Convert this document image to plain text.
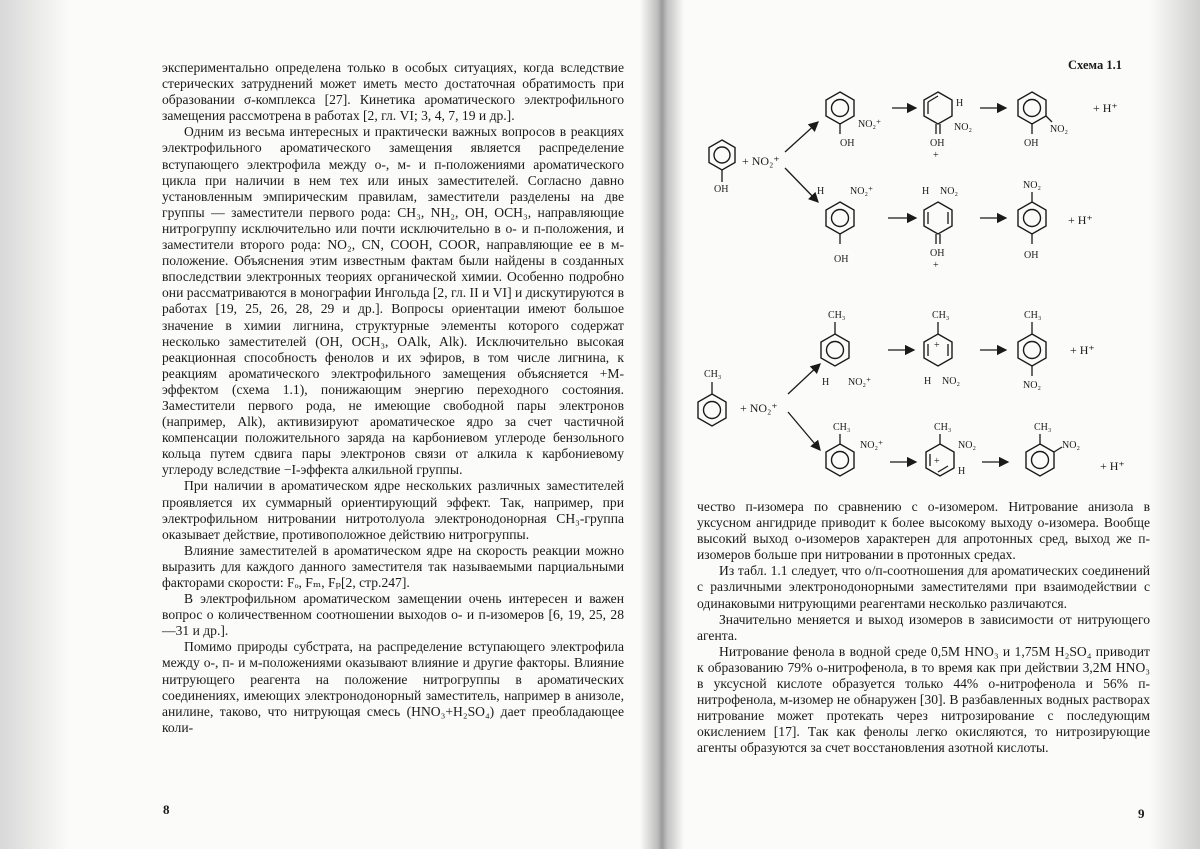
экспериментально определена только в особых ситуациях, когда вследствие стерических затруднений может иметь место достаточная обратимость при образовании σ-комплекса [27]. Кинетика ароматического электрофильного замещения рассмотрена в работах [2, гл. VI; 3, 4, 7, 19 и др.].

Одним из весьма интересных и практически важных вопросов в реакциях электрофильного ароматического замещения является распределение вступающего электрофила между о-, м- и п-положениями ароматического цикла при наличии в нем тех или иных заместителей. Согласно давно установленным эмпирическим правилам, заместители разделены на две группы — заместители первого рода: CH₃, NH₂, OH, OCH₃, направляющие нитрогруппу исключительно или почти исключительно в о- и п-положения, и заместители второго рода: NO₂, CN, COOH, COOR, направляющие ее в м-положение. Объяснения этим известным фактам были найдены в созданных впоследствии электронных теориях органической химии. Особенно подробно они рассматриваются в монографии Ингольда [2, гл. II и VI] и дискутируются в работах [19, 25, 26, 28, 29 и др.]. Вопросы ориентации имеют большое значение в химии лигнина, структурные элементы которого содержат несколько заместителей (OH, OCH₃, OAlk, Alk). Исключительно высокая реакционная способность фенолов и их эфиров, в том числе лигнина, к реакциям ароматического электрофильного замещения объясняется +M-эффектом (схема 1.1), понижающим энергию переходного состояния. Заместители первого рода, не имеющие свободной пары электронов (например, Alk), активизируют ароматическое ядро за счет частичной компенсации положительного заряда на карбониевом углероде бензольного кольца путем сдвига пары электронов связи от алкила к карбониевому углероду вследствие −I-эффекта алкильной группы.

При наличии в ароматическом ядре нескольких различных заместителей проявляется их суммарный ориентирующий эффект. Так, например, при электрофильном нитровании нитротолуола электронодонорная CH₃-группа оказывает действие, противоположное действию нитрогруппы.

Влияние заместителей в ароматическом ядре на скорость реакции можно выразить для каждого данного заместителя так называемыми парциальными факторами скорости: Fₒ, Fₘ, Fₚ[2, стр.247].

В электрофильном ароматическом замещении очень интересен и важен вопрос о количественном соотношении выходов о- и п-изомеров [6, 19, 25, 28—31 и др.].

Помимо природы субстрата, на распределение вступающего электрофила между о-, п- и м-положениями оказывают влияние и другие факторы. Влияние нитрующего реагента на положение нитрогруппы в ароматических соединениях, имеющих электронодонорный заместитель, например в анизоле, анилине, таково, что нитрующая смесь (HNO₃+H₂SO₄) дает преобладающее коли-

8
Схема 1.1
OH
+ NO₂⁺
OH
NO₂⁺
H
NO₂
OH
+
NO₂
OH
+ H⁺
H	NO₂⁺
OH
H NO₂
OH
+
NO₂
OH
+ H⁺
CH₃
+ NO₂⁺
CH₃
H NO₂⁺
CH₃
+
H NO₂
CH₃
NO₂
+ H⁺
CH₃
NO₂⁺
CH₃
+
NO₂
H
CH₃
NO₂
+ H⁺

чество п-изомера по сравнению с о-изомером. Нитрование анизола в уксусном ангидриде приводит к более высокому выходу о-изомера. Вообще высокий выход о-изомеров характерен для апротонных сред, выход же п-изомеров больше при нитровании в протонных средах.

Из табл. 1.1 следует, что о/п-соотношения для ароматических соединений с различными электронодонорными заместителями при взаимодействии с одинаковыми нитрующими реагентами несколько различаются.

Значительно меняется и выход изомеров в зависимости от нитрующего агента.

Нитрование фенола в водной среде 0,5M HNO₃ и 1,75M H₂SO₄ приводит к образованию 79% о-нитрофенола, в то время как при действии 3,2M HNO₃ в уксусной кислоте образуется только 44% о-нитрофенола и 56% п-нитрофенола, м-изомер не обнаружен [30]. В разбавленных водных растворах нитрование может протекать через нитрозирование с последующим окислением [17]. Так как фенолы легко окисляются, то нитрозирующие агенты образуются за счет восстановления азотной кислоты.

9
